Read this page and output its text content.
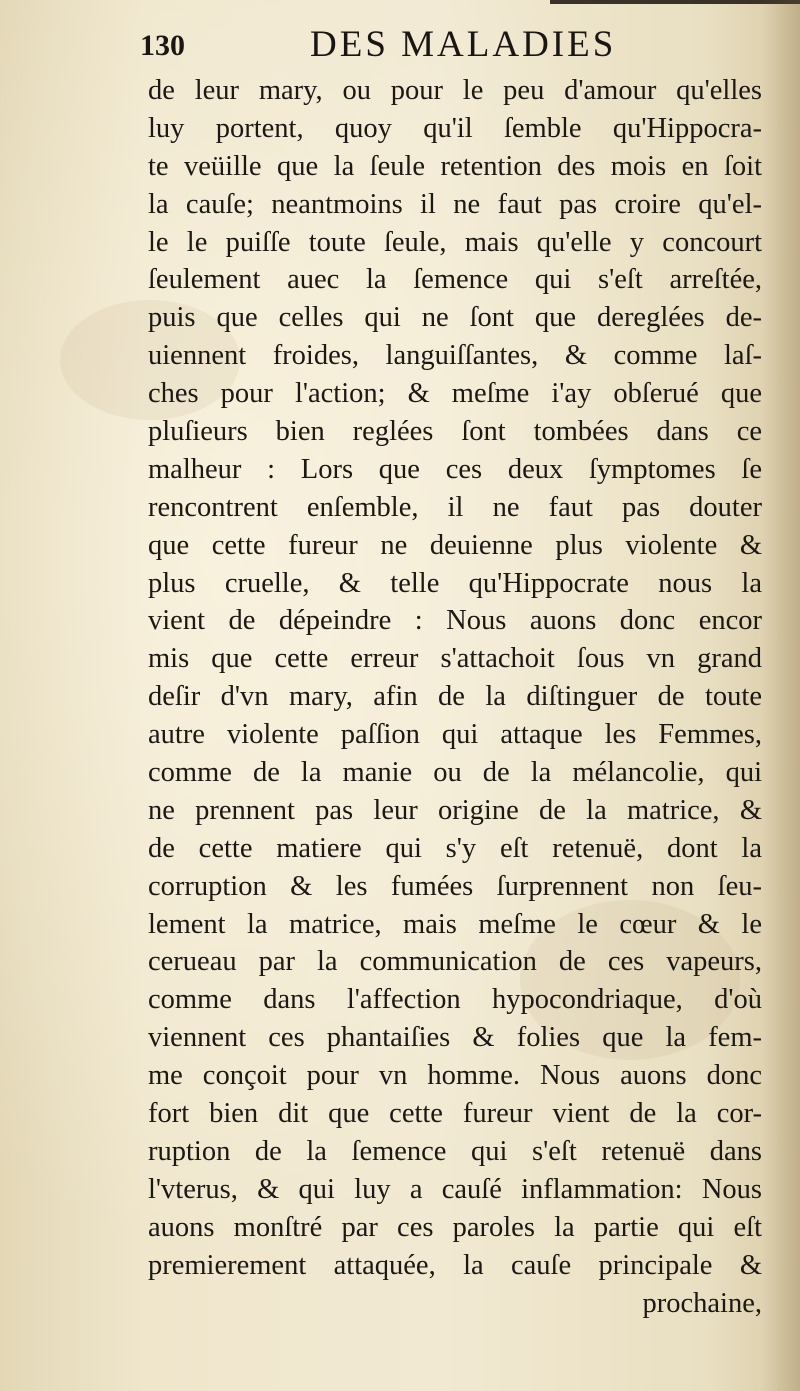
130	DES MALADIES
de leur mary, ou pour le peu d'amour qu'elles
luy portent, quoy qu'il ſemble qu'Hippocra-
te veüille que la ſeule retention des mois en ſoit
la cauſe; neantmoins il ne faut pas croire qu'el-
le le puiſſe toute ſeule, mais qu'elle y concourt
ſeulement auec la ſemence qui s'eſt arreſtée,
puis que celles qui ne ſont que dereglées de-
uiennent froides, languiſſantes, & comme laſ-
ches pour l'action; & meſme i'ay obſerué que
pluſieurs bien reglées ſont tombées dans ce
malheur : Lors que ces deux ſymptomes ſe
rencontrent enſemble, il ne faut pas douter
que cette fureur ne deuienne plus violente &
plus cruelle, & telle qu'Hippocrate nous la
vient de dépeindre : Nous auons donc encor
mis que cette erreur s'attachoit ſous vn grand
deſir d'vn mary, afin de la diſtinguer de toute
autre violente paſſion qui attaque les Femmes,
comme de la manie ou de la mélancolie, qui
ne prennent pas leur origine de la matrice, &
de cette matiere qui s'y eſt retenuë, dont la
corruption & les fumées ſurprennent non ſeu-
lement la matrice, mais meſme le cœur & le
cerueau par la communication de ces vapeurs,
comme dans l'affection hypocondriaque, d'où
viennent ces phantaiſies & folies que la fem-
me conçoit pour vn homme. Nous auons donc
fort bien dit que cette fureur vient de la cor-
ruption de la ſemence qui s'eſt retenuë dans
l'vterus, & qui luy a cauſé inflammation: Nous
auons monſtré par ces paroles la partie qui eſt
premierement attaquée, la cauſe principale &
prochaine,
